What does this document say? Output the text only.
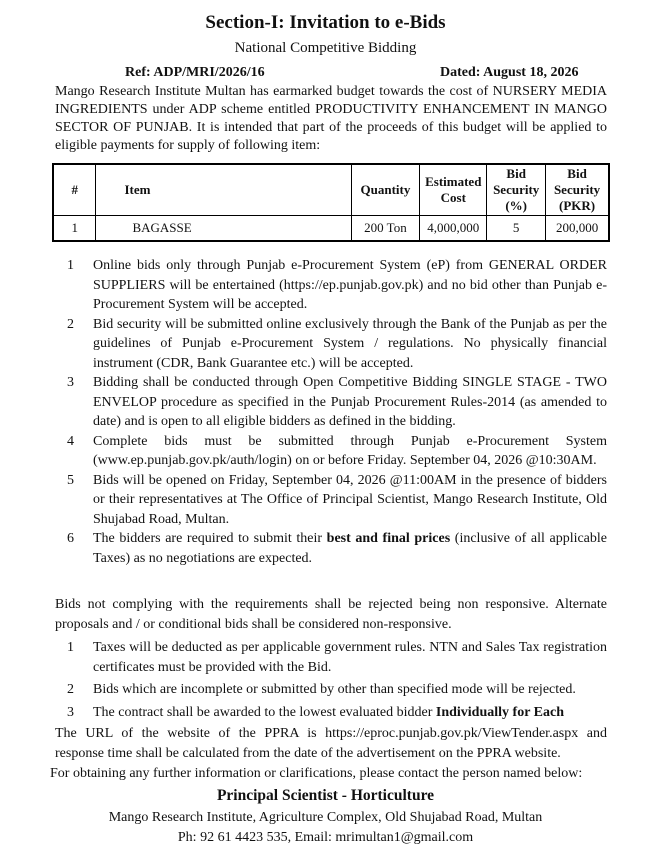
Section-I: Invitation to e-Bids
National Competitive Bidding
Ref: ADP/MRI/2026/16	Dated: August 18, 2026
Mango Research Institute Multan has earmarked budget towards the cost of NURSERY MEDIA INGREDIENTS under ADP scheme entitled PRODUCTIVITY ENHANCEMENT IN MANGO SECTOR OF PUNJAB. It is intended that part of the proceeds of this budget will be applied to eligible payments for supply of following item:
#	Item	Quantity	Estimated Cost	Bid Security (%)	Bid Security (PKR)
1	BAGASSE	200 Ton	4,000,000	5	200,000
1 Online bids only through Punjab e-Procurement System (eP) from GENERAL ORDER SUPPLIERS will be entertained (https://ep.punjab.gov.pk) and no bid other than Punjab e-Procurement System will be accepted.
2 Bid security will be submitted online exclusively through the Bank of the Punjab as per the guidelines of Punjab e-Procurement System / regulations. No physically financial instrument (CDR, Bank Guarantee etc.) will be accepted.
3 Bidding shall be conducted through Open Competitive Bidding SINGLE STAGE - TWO ENVELOP procedure as specified in the Punjab Procurement Rules-2014 (as amended to date) and is open to all eligible bidders as defined in the bidding.
4 Complete bids must be submitted through Punjab e-Procurement System (www.ep.punjab.gov.pk/auth/login) on or before Friday. September 04, 2026 @10:30AM.
5 Bids will be opened on Friday, September 04, 2026 @11:00AM in the presence of bidders or their representatives at The Office of Principal Scientist, Mango Research Institute, Old Shujabad Road, Multan.
6 The bidders are required to submit their best and final prices (inclusive of all applicable Taxes) as no negotiations are expected.
Bids not complying with the requirements shall be rejected being non responsive. Alternate proposals and / or conditional bids shall be considered non-responsive.
1 Taxes will be deducted as per applicable government rules. NTN and Sales Tax registration certificates must be provided with the Bid.
2 Bids which are incomplete or submitted by other than specified mode will be rejected.
3 The contract shall be awarded to the lowest evaluated bidder Individually for Each
The URL of the website of the PPRA is https://eproc.punjab.gov.pk/ViewTender.aspx and response time shall be calculated from the date of the advertisement on the PPRA website.
For obtaining any further information or clarifications, please contact the person named below:
Principal Scientist - Horticulture
Mango Research Institute, Agriculture Complex, Old Shujabad Road, Multan
Ph: 92 61 4423 535, Email: mrimultan1@gmail.com
